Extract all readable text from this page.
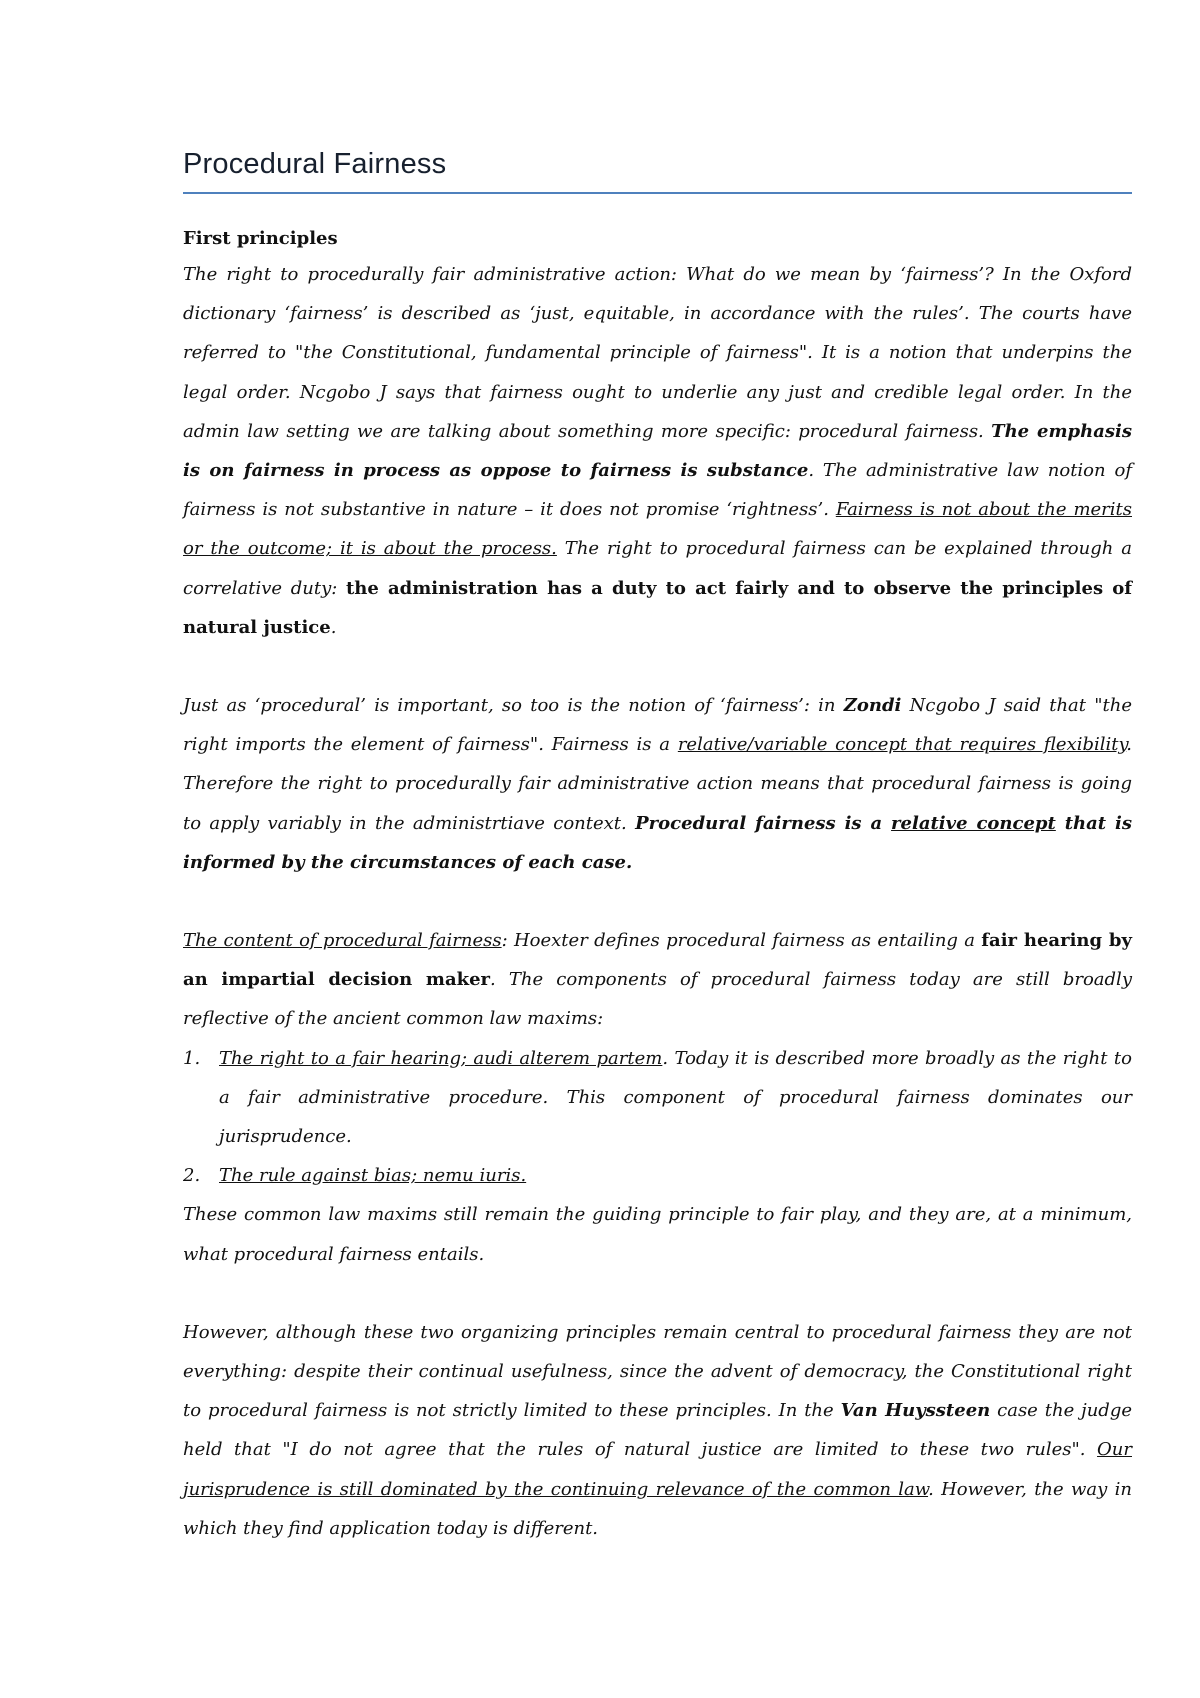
Procedural Fairness

First principles

The right to procedurally fair administrative action: What do we mean by ‘fairness’? In the Oxford dictionary ‘fairness’ is described as ‘just, equitable, in accordance with the rules’. The courts have referred to "the Constitutional, fundamental principle of fairness". It is a notion that underpins the legal order. Ncgobo J says that fairness ought to underlie any just and credible legal order. In the admin law setting we are talking about something more specific: procedural fairness. The emphasis is on fairness in process as oppose to fairness is substance. The administrative law notion of fairness is not substantive in nature – it does not promise ‘rightness’. Fairness is not about the merits or the outcome; it is about the process. The right to procedural fairness can be explained through a correlative duty: the administration has a duty to act fairly and to observe the principles of natural justice.

Just as ‘procedural’ is important, so too is the notion of ‘fairness’: in Zondi Ncgobo J said that "the right imports the element of fairness". Fairness is a relative/variable concept that requires flexibility. Therefore the right to procedurally fair administrative action means that procedural fairness is going to apply variably in the administrtiave context. Procedural fairness is a relative concept that is informed by the circumstances of each case.

The content of procedural fairness: Hoexter defines procedural fairness as entailing a fair hearing by an impartial decision maker. The components of procedural fairness today are still broadly reflective of the ancient common law maxims:

1. The right to a fair hearing; audi alterem partem. Today it is described more broadly as the right to a fair administrative procedure. This component of procedural fairness dominates our jurisprudence.
2. The rule against bias; nemu iuris.

These common law maxims still remain the guiding principle to fair play, and they are, at a minimum, what procedural fairness entails.

However, although these two organizing principles remain central to procedural fairness they are not everything: despite their continual usefulness, since the advent of democracy, the Constitutional right to procedural fairness is not strictly limited to these principles. In the Van Huyssteen case the judge held that "I do not agree that the rules of natural justice are limited to these two rules". Our jurisprudence is still dominated by the continuing relevance of the common law. However, the way in which they find application today is different.
